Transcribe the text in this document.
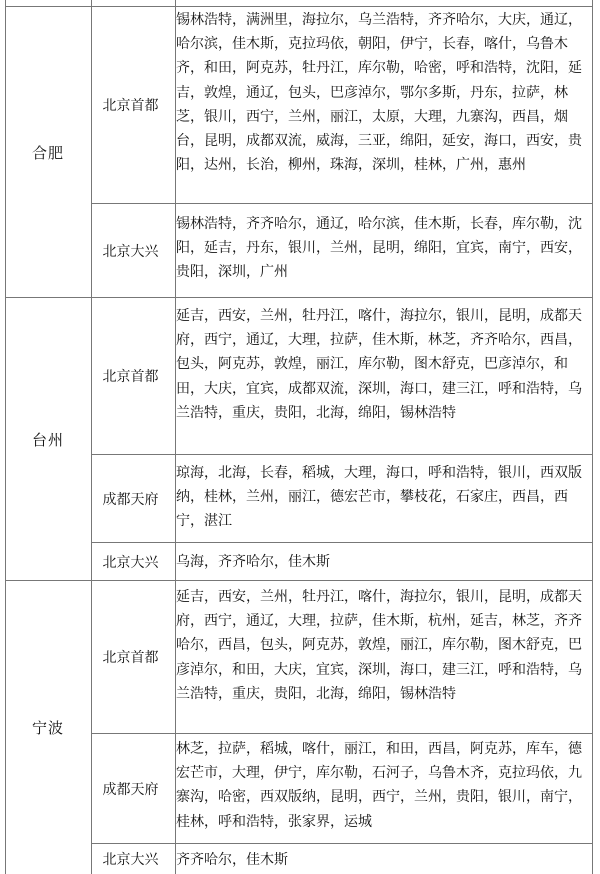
合肥
北京首都
锡林浩特，满洲里，海拉尔，乌兰浩特，齐齐哈尔，大庆，通辽，哈尔滨，佳木斯，克拉玛依，朝阳，伊宁，长春，喀什，乌鲁木齐，和田，阿克苏，牡丹江，库尔勒，哈密，呼和浩特，沈阳，延吉，敦煌，通辽，包头，巴彦淖尔，鄂尔多斯，丹东，拉萨，林芝，银川，西宁，兰州，丽江，太原，大理，九寨沟，西昌，烟台，昆明，成都双流，威海，三亚，绵阳，延安，海口，西安，贵阳，达州，长治，柳州，珠海，深圳，桂林，广州，惠州
北京大兴
锡林浩特，齐齐哈尔，通辽，哈尔滨，佳木斯，长春，库尔勒，沈阳，延吉，丹东，银川，兰州，昆明，绵阳，宜宾，南宁，西安，贵阳，深圳，广州
台州
北京首都
延吉，西安，兰州，牡丹江，喀什，海拉尔，银川，昆明，成都天府，西宁，通辽，大理，拉萨，佳木斯，林芝，齐齐哈尔，西昌，包头，阿克苏，敦煌，丽江，库尔勒，图木舒克，巴彦淖尔，和田，大庆，宜宾，成都双流，深圳，海口，建三江，呼和浩特，乌兰浩特，重庆，贵阳，北海，绵阳，锡林浩特
成都天府
琼海，北海，长春，稻城，大理，海口，呼和浩特，银川，西双版纳，桂林，兰州，丽江，德宏芒市，攀枝花，石家庄，西昌，西宁，湛江
北京大兴	乌海，齐齐哈尔，佳木斯
宁波
北京首都
延吉，西安，兰州，牡丹江，喀什，海拉尔，银川，昆明，成都天府，西宁，通辽，大理，拉萨，佳木斯，杭州，延吉，林芝，齐齐哈尔，西昌，包头，阿克苏，敦煌，丽江，库尔勒，图木舒克，巴彦淖尔，和田，大庆，宜宾，深圳，海口，建三江，呼和浩特，乌兰浩特，重庆，贵阳，北海，绵阳，锡林浩特
成都天府
林芝，拉萨，稻城，喀什，丽江，和田，西昌，阿克苏，库车，德宏芒市，大理，伊宁，库尔勒，石河子，乌鲁木齐，克拉玛依，九寨沟，哈密，西双版纳，昆明，西宁，兰州，贵阳，银川，南宁，桂林，呼和浩特，张家界，运城
北京大兴	齐齐哈尔，佳木斯
